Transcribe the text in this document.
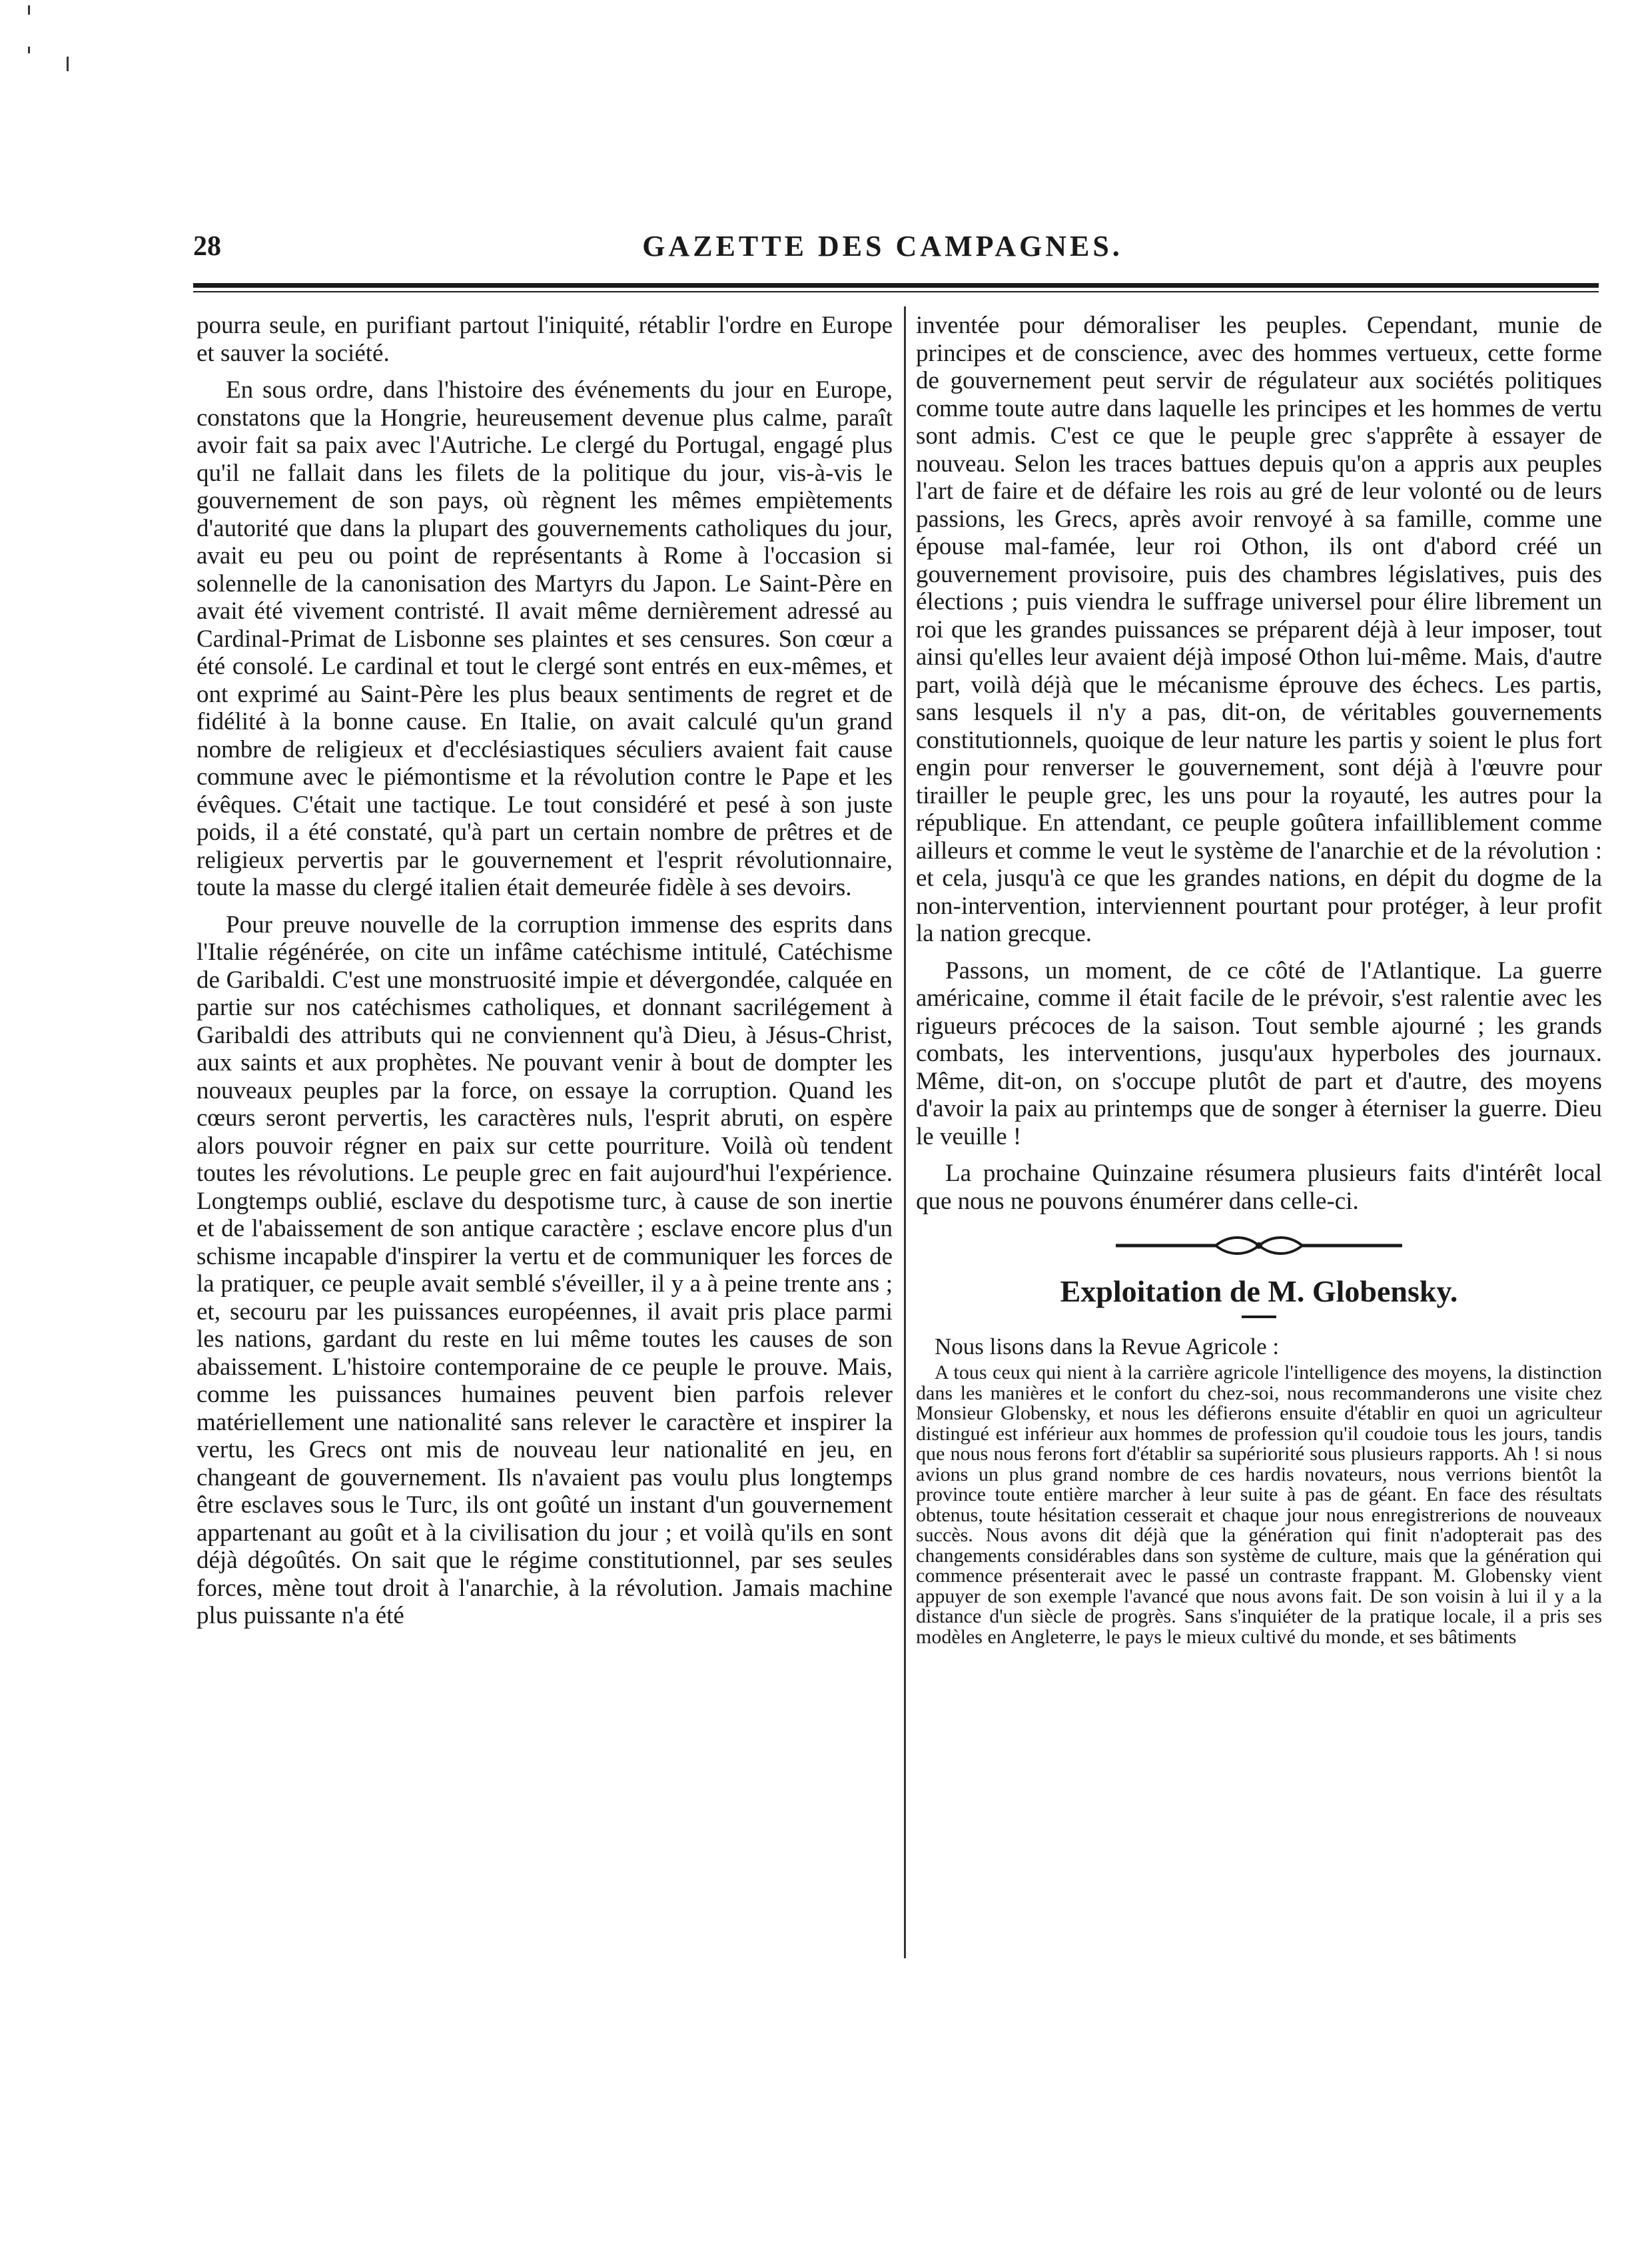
28	GAZETTE DES CAMPAGNES.

pourra seule, en purifiant partout l'iniquité, rétablir l'ordre en Europe et sauver la société.

En sous ordre, dans l'histoire des événements du jour en Europe, constatons que la Hongrie, heureusement devenue plus calme, paraît avoir fait sa paix avec l'Autriche. Le clergé du Portugal, engagé plus qu'il ne fallait dans les filets de la politique du jour, vis-à-vis le gouvernement de son pays, où règnent les mêmes empiètements d'autorité que dans la plupart des gouvernements catholiques du jour, avait eu peu ou point de représentants à Rome à l'occasion si solennelle de la canonisation des Martyrs du Japon. Le Saint-Père en avait été vivement contristé. Il avait même dernièrement adressé au Cardinal-Primat de Lisbonne ses plaintes et ses censures. Son cœur a été consolé. Le cardinal et tout le clergé sont entrés en eux-mêmes, et ont exprimé au Saint-Père les plus beaux sentiments de regret et de fidélité à la bonne cause. En Italie, on avait calculé qu'un grand nombre de religieux et d'ecclésiastiques séculiers avaient fait cause commune avec le piémontisme et la révolution contre le Pape et les évêques. C'était une tactique. Le tout considéré et pesé à son juste poids, il a été constaté, qu'à part un certain nombre de prêtres et de religieux pervertis par le gouvernement et l'esprit révolutionnaire, toute la masse du clergé italien était demeurée fidèle à ses devoirs.

Pour preuve nouvelle de la corruption immense des esprits dans l'Italie régénérée, on cite un infâme catéchisme intitulé, Catéchisme de Garibaldi. C'est une monstruosité impie et dévergondée, calquée en partie sur nos catéchismes catholiques, et donnant sacrilégement à Garibaldi des attributs qui ne conviennent qu'à Dieu, à Jésus-Christ, aux saints et aux prophètes. Ne pouvant venir à bout de dompter les nouveaux peuples par la force, on essaye la corruption. Quand les cœurs seront pervertis, les caractères nuls, l'esprit abruti, on espère alors pouvoir régner en paix sur cette pourriture. Voilà où tendent toutes les révolutions. Le peuple grec en fait aujourd'hui l'expérience. Longtemps oublié, esclave du despotisme turc, à cause de son inertie et de l'abaissement de son antique caractère ; esclave encore plus d'un schisme incapable d'inspirer la vertu et de communiquer les forces de la pratiquer, ce peuple avait semblé s'éveiller, il y a à peine trente ans ; et, secouru par les puissances européennes, il avait pris place parmi les nations, gardant du reste en lui même toutes les causes de son abaissement. L'histoire contemporaine de ce peuple le prouve. Mais, comme les puissances humaines peuvent bien parfois relever matériellement une nationalité sans relever le caractère et inspirer la vertu, les Grecs ont mis de nouveau leur nationalité en jeu, en changeant de gouvernement. Ils n'avaient pas voulu plus longtemps être esclaves sous le Turc, ils ont goûté un instant d'un gouvernement appartenant au goût et à la civilisation du jour ; et voilà qu'ils en sont déjà dégoûtés. On sait que le régime constitutionnel, par ses seules forces, mène tout droit à l'anarchie, à la révolution. Jamais machine plus puissante n'a été

inventée pour démoraliser les peuples. Cependant, munie de principes et de conscience, avec des hommes vertueux, cette forme de gouvernement peut servir de régulateur aux sociétés politiques comme toute autre dans laquelle les principes et les hommes de vertu sont admis. C'est ce que le peuple grec s'apprête à essayer de nouveau. Selon les traces battues depuis qu'on a appris aux peuples l'art de faire et de défaire les rois au gré de leur volonté ou de leurs passions, les Grecs, après avoir renvoyé à sa famille, comme une épouse mal-famée, leur roi Othon, ils ont d'abord créé un gouvernement provisoire, puis des chambres législatives, puis des élections ; puis viendra le suffrage universel pour élire librement un roi que les grandes puissances se préparent déjà à leur imposer, tout ainsi qu'elles leur avaient déjà imposé Othon lui-même. Mais, d'autre part, voilà déjà que le mécanisme éprouve des échecs. Les partis, sans lesquels il n'y a pas, dit-on, de véritables gouvernements constitutionnels, quoique de leur nature les partis y soient le plus fort engin pour renverser le gouvernement, sont déjà à l'œuvre pour tirailler le peuple grec, les uns pour la royauté, les autres pour la république. En attendant, ce peuple goûtera infailliblement comme ailleurs et comme le veut le système de l'anarchie et de la révolution : et cela, jusqu'à ce que les grandes nations, en dépit du dogme de la non-intervention, interviennent pourtant pour protéger, à leur profit la nation grecque.

Passons, un moment, de ce côté de l'Atlantique. La guerre américaine, comme il était facile de le prévoir, s'est ralentie avec les rigueurs précoces de la saison. Tout semble ajourné ; les grands combats, les interventions, jusqu'aux hyperboles des journaux. Même, dit-on, on s'occupe plutôt de part et d'autre, des moyens d'avoir la paix au printemps que de songer à éterniser la guerre. Dieu le veuille !

La prochaine Quinzaine résumera plusieurs faits d'intérêt local que nous ne pouvons énumérer dans celle-ci.

Exploitation de M. Globensky.

Nous lisons dans la Revue Agricole :

A tous ceux qui nient à la carrière agricole l'intelligence des moyens, la distinction dans les manières et le confort du chez-soi, nous recommanderons une visite chez Monsieur Globensky, et nous les défierons ensuite d'établir en quoi un agriculteur distingué est inférieur aux hommes de profession qu'il coudoie tous les jours, tandis que nous nous ferons fort d'établir sa supériorité sous plusieurs rapports. Ah ! si nous avions un plus grand nombre de ces hardis novateurs, nous verrions bientôt la province toute entière marcher à leur suite à pas de géant. En face des résultats obtenus, toute hésitation cesserait et chaque jour nous enregistrerions de nouveaux succès. Nous avons dit déjà que la génération qui finit n'adopterait pas des changements considérables dans son système de culture, mais que la génération qui commence présenterait avec le passé un contraste frappant. M. Globensky vient appuyer de son exemple l'avancé que nous avons fait. De son voisin à lui il y a la distance d'un siècle de progrès. Sans s'inquiéter de la pratique locale, il a pris ses modèles en Angleterre, le pays le mieux cultivé du monde, et ses bâtiments
